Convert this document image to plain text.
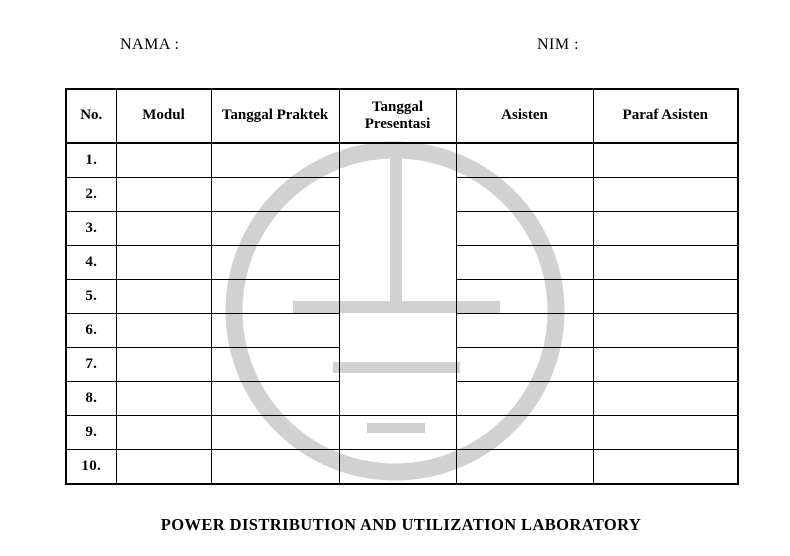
NAMA :	NIM :
No.	Modul	Tanggal Praktek	Tanggal Presentasi	Asisten	Paraf Asisten
1.					
2.					
3.					
4.					
5.					
6.					
7.					
8.					
9.					
10.					
POWER DISTRIBUTION AND UTILIZATION LABORATORY
